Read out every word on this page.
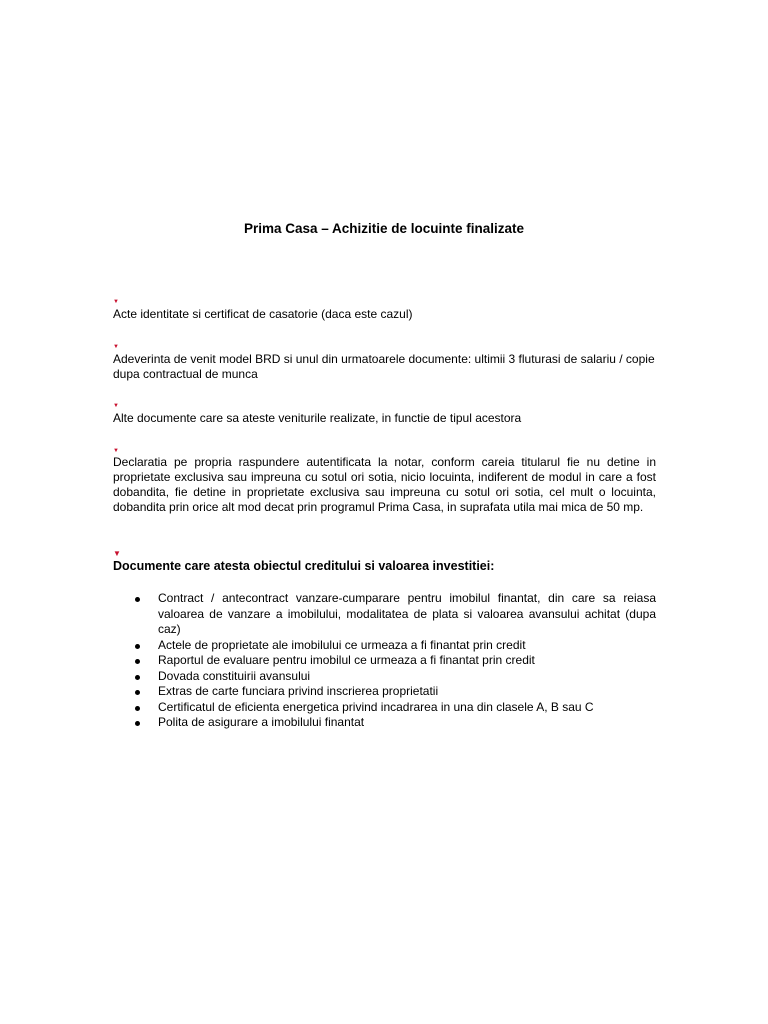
Prima Casa – Achizitie de locuinte finalizate
▼
Acte identitate si certificat de casatorie (daca este cazul)
▼
Adeverinta de venit model BRD si unul din urmatoarele documente: ultimii 3 fluturasi de salariu / copie dupa contractual de munca
▼
Alte documente care sa ateste veniturile realizate, in functie de tipul acestora
▼
Declaratia pe propria raspundere autentificata la notar, conform careia titularul fie nu detine in proprietate exclusiva sau impreuna cu sotul ori sotia, nicio locuinta, indiferent de modul in care a fost dobandita, fie detine in proprietate exclusiva sau impreuna cu sotul ori sotia, cel mult o locuinta, dobandita prin orice alt mod decat prin programul Prima Casa, in suprafata utila mai mica de 50 mp.
▼
Documente care atesta obiectul creditului si valoarea investitiei:
Contract / antecontract vanzare-cumparare pentru imobilul finantat, din care sa reiasa valoarea de vanzare a imobilului, modalitatea de plata si valoarea avansului achitat (dupa caz)
Actele de proprietate ale imobilului ce urmeaza a fi finantat prin credit
Raportul de evaluare pentru imobilul ce urmeaza a fi finantat prin credit
Dovada constituirii avansului
Extras de carte funciara privind inscrierea proprietatii
Certificatul de eficienta energetica privind incadrarea in una din clasele A, B sau C
Polita de asigurare a imobilului finantat
